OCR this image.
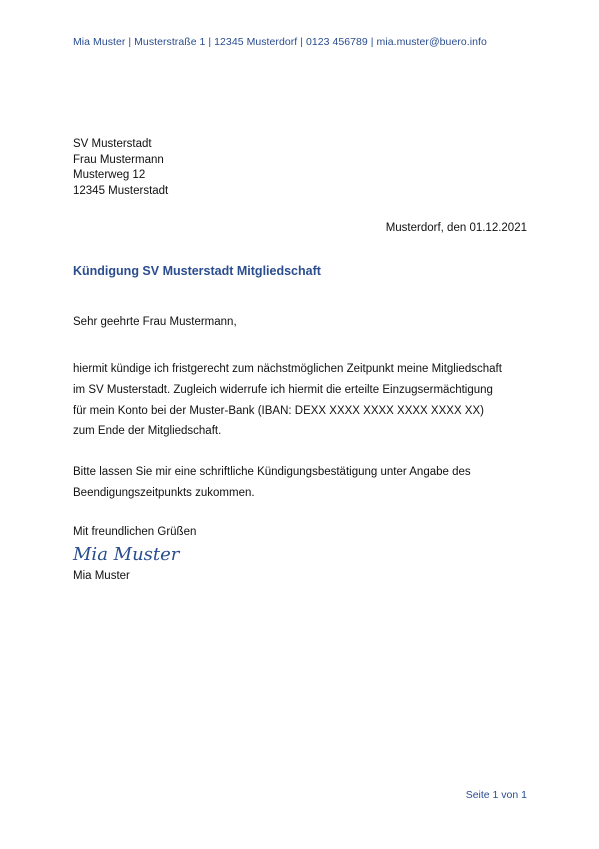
Mia Muster | Musterstraße 1 | 12345 Musterdorf | 0123 456789 | mia.muster@buero.info
SV Musterstadt
Frau Mustermann
Musterweg 12
12345 Musterstadt
Musterdorf, den 01.12.2021
Kündigung SV Musterstadt Mitgliedschaft
Sehr geehrte Frau Mustermann,
hiermit kündige ich fristgerecht zum nächstmöglichen Zeitpunkt meine Mitgliedschaft
im SV Musterstadt. Zugleich widerrufe ich hiermit die erteilte Einzugsermächtigung
für mein Konto bei der Muster-Bank (IBAN: DEXX XXXX XXXX XXXX XXXX XX)
zum Ende der Mitgliedschaft.
Bitte lassen Sie mir eine schriftliche Kündigungsbestätigung unter Angabe des
Beendigungszeitpunkts zukommen.
Mit freundlichen Grüßen
Mia Muster
Mia Muster
Seite 1 von 1
